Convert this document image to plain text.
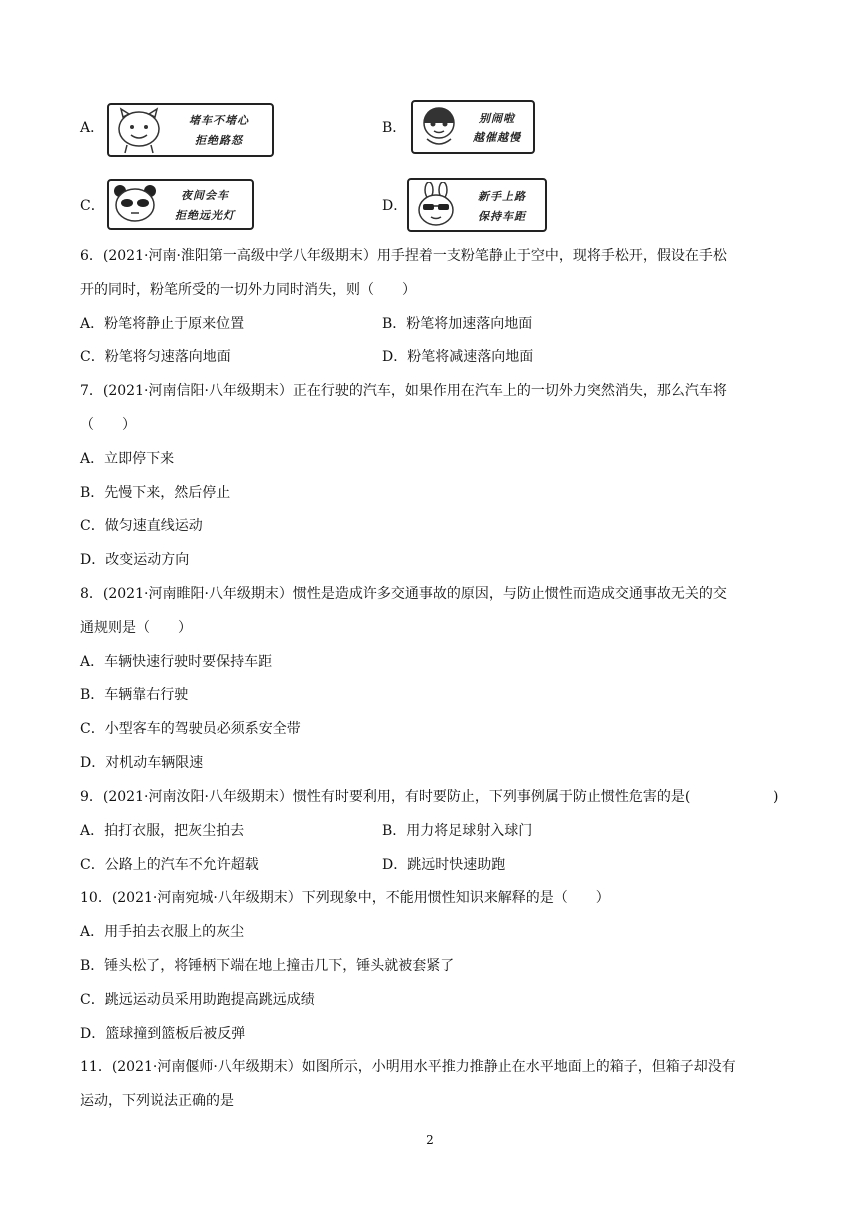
A．	堵车不堵心
拒绝路怒
B．
别闹啦
越催越慢
C．
夜间会车
拒绝远光灯
D．
新手上路
保持车距
6．(2021·河南·淮阳第一高级中学八年级期末）用手捏着一支粉笔静止于空中，现将手松开，假设在手松
开的同时，粉笔所受的一切外力同时消失，则（　　）
A．粉笔将静止于原来位置	B．粉笔将加速落向地面
C．粉笔将匀速落向地面	D．粉笔将减速落向地面
7．(2021·河南信阳·八年级期末）正在行驶的汽车，如果作用在汽车上的一切外力突然消失，那么汽车将
（　　）
A．立即停下来
B．先慢下来，然后停止
C．做匀速直线运动
D．改变运动方向
8．(2021·河南睢阳·八年级期末）惯性是造成许多交通事故的原因，与防止惯性而造成交通事故无关的交
通规则是（　　）
A．车辆快速行驶时要保持车距
B．车辆靠右行驶
C．小型客车的驾驶员必须系安全带
D．对机动车辆限速
9．(2021·河南汝阳·八年级期末）惯性有时要利用，有时要防止，下列事例属于防止惯性危害的是(	)
A．拍打衣服，把灰尘拍去	B．用力将足球射入球门
C．公路上的汽车不允许超载	D．跳远时快速助跑
10．(2021·河南宛城·八年级期末）下列现象中，不能用惯性知识来解释的是（　　）
A．用手拍去衣服上的灰尘
B．锤头松了，将锤柄下端在地上撞击几下，锤头就被套紧了
C．跳远运动员采用助跑提高跳远成绩
D．篮球撞到篮板后被反弹
11．(2021·河南偃师·八年级期末）如图所示，小明用水平推力推静止在水平地面上的箱子，但箱子却没有
运动，下列说法正确的是
2
